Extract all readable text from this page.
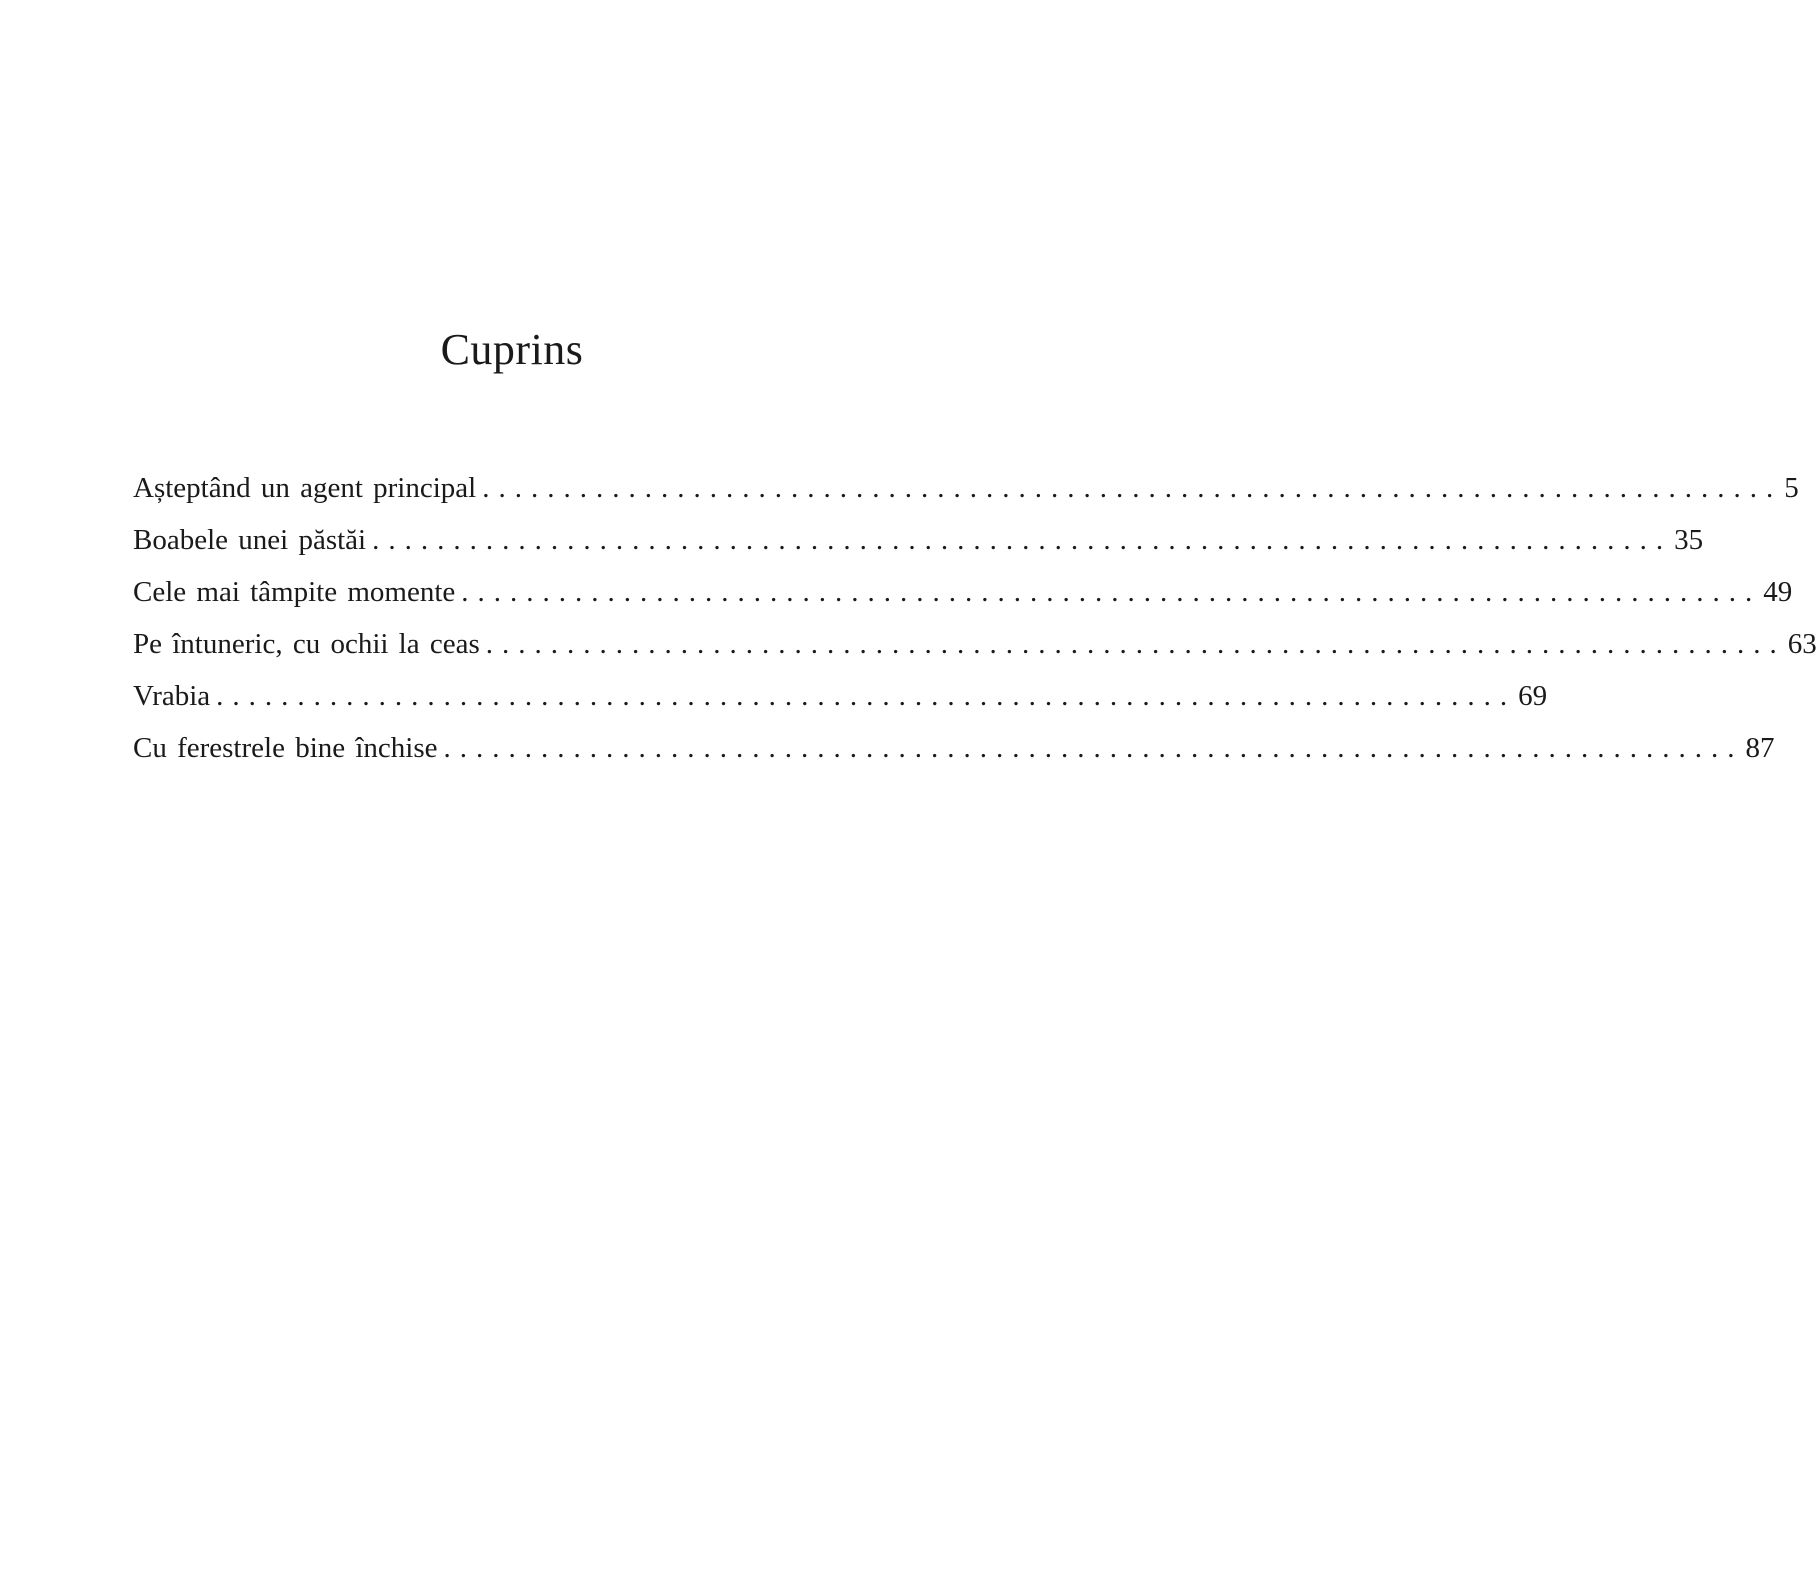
Cuprins
Așteptând un agent principal ................................................................................ 5
Boabele unei păstăi ................................................................................ 35
Cele mai tâmpite momente ................................................................................ 49
Pe întuneric, cu ochii la ceas ................................................................................ 63
Vrabia ................................................................................ 69
Cu ferestrele bine închise ................................................................................ 87
